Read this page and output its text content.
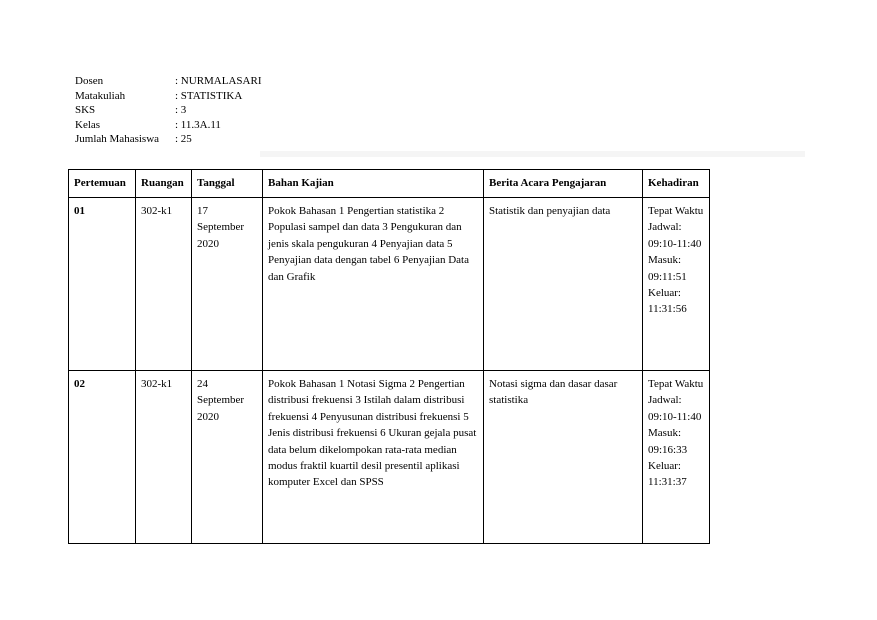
Dosen	: NURMALASARI
Matakuliah	: STATISTIKA
SKS	: 3
Kelas	: 11.3A.11
Jumlah Mahasiswa	: 25
Pertemuan	Ruangan	Tanggal	Bahan Kajian	Berita Acara Pengajaran	Kehadiran
01	302-k1	17 September 2020	Pokok Bahasan 1 Pengertian statistika 2 Populasi sampel dan data 3 Pengukuran dan jenis skala pengukuran 4 Penyajian data 5 Penyajian data dengan tabel 6 Penyajian Data dan Grafik	Statistik dan penyajian data	Tepat Waktu Jadwal: 09:10-11:40 Masuk: 09:11:51 Keluar: 11:31:56
02	302-k1	24 September 2020	Pokok Bahasan 1 Notasi Sigma 2 Pengertian distribusi frekuensi 3 Istilah dalam distribusi frekuensi 4 Penyusunan distribusi frekuensi 5 Jenis distribusi frekuensi 6 Ukuran gejala pusat data belum dikelompokan rata-rata median modus fraktil kuartil desil presentil aplikasi komputer Excel dan SPSS	Notasi sigma dan dasar dasar statistika	Tepat Waktu Jadwal: 09:10-11:40 Masuk: 09:16:33 Keluar: 11:31:37
